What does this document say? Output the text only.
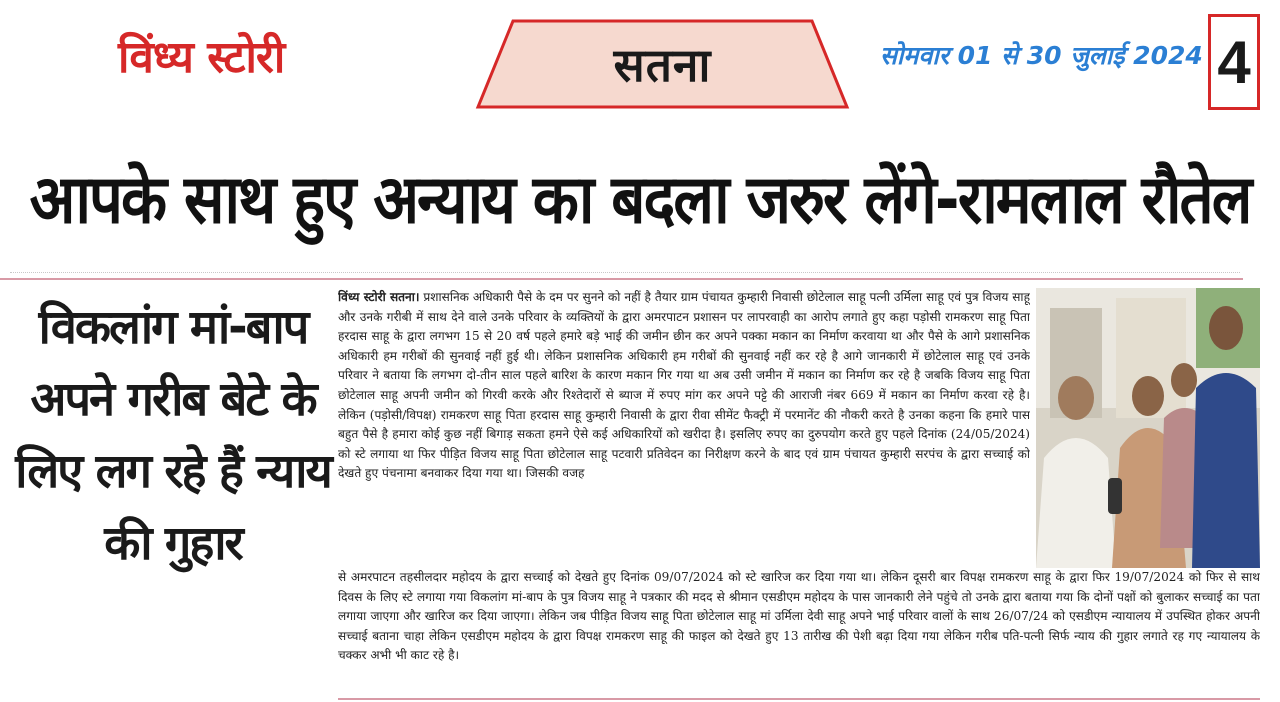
विंध्य स्टोरी	सतना	सोमवार 01 से 30 जुलाई 2024 4
आपके साथ हुए अन्याय का बदला जरुर लेंगे-रामलाल रौतेल
विकलांग मां-बाप अपने गरीब बेटे के लिए लग रहे हैं न्याय की गुहार
विंध्य स्टोरी सतना। प्रशासनिक अधिकारी पैसे के दम पर सुनने को नहीं है तैयार ग्राम पंचायत कुम्हारी निवासी छोटेलाल साहू पत्नी उर्मिला साहू एवं पुत्र विजय साहू और उनके गरीबी में साथ देने वाले उनके परिवार के व्यक्तियों के द्वारा अमरपाटन प्रशासन पर लापरवाही का आरोप लगाते हुए कहा पड़ोसी रामकरण साहू पिता हरदास साहू के द्वारा लगभग 15 से 20 वर्ष पहले हमारे बड़े भाई की जमीन छीन कर अपने पक्का मकान का निर्माण करवाया था और पैसे के आगे प्रशासनिक अधिकारी हम गरीबों की सुनवाई नहीं हुई थी। लेकिन प्रशासनिक अधिकारी हम गरीबों की सुनवाई नहीं कर रहे है आगे जानकारी में छोटेलाल साहू एवं उनके परिवार ने बताया कि लगभग दो-तीन साल पहले बारिश के कारण मकान गिर गया था अब उसी जमीन में मकान का निर्माण कर रहे है जबकि विजय साहू पिता छोटेलाल साहू अपनी जमीन को गिरवी करके और रिश्तेदारों से ब्याज में रुपए मांग कर अपने पट्टे की आराजी नंबर 669 में मकान का निर्माण करवा रहे है। लेकिन (पड़ोसी/विपक्ष) रामकरण साहू पिता हरदास साहू कुम्हारी निवासी के द्वारा रीवा सीमेंट फैक्ट्री में परमानेंट की नौकरी करते है उनका कहना कि हमारे पास बहुत पैसे है हमारा कोई कुछ नहीं बिगाड़ सकता हमने ऐसे कई अधिकारियों को खरीदा है। इसलिए रुपए का दुरुपयोग करते हुए पहले दिनांक (24/05/2024) को स्टे लगाया था फिर पीड़ित विजय साहू पिता छोटेलाल साहू पटवारी प्रतिवेदन का निरीक्षण करने के बाद एवं ग्राम पंचायत कुम्हारी सरपंच के द्वारा सच्चाई को देखते हुए पंचनामा बनवाकर दिया गया था। जिसकी वजह
से अमरपाटन तहसीलदार महोदय के द्वारा सच्चाई को देखते हुए दिनांक 09/07/2024 को स्टे खारिज कर दिया गया था। लेकिन दूसरी बार विपक्ष रामकरण साहू के द्वारा फिर 19/07/2024 को फिर से साथ दिवस के लिए स्टे लगाया गया विकलांग मां-बाप के पुत्र विजय साहू ने पत्रकार की मदद से श्रीमान एसडीएम महोदय के पास जानकारी लेने पहुंचे तो उनके द्वारा बताया गया कि दोनों पक्षों को बुलाकर सच्चाई का पता लगाया जाएगा और खारिज कर दिया जाएगा। लेकिन जब पीड़ित विजय साहू पिता छोटेलाल साहू मां उर्मिला देवी साहू अपने भाई परिवार वालों के साथ 26/07/24 को एसडीएम न्यायालय में उपस्थित होकर अपनी सच्चाई बताना चाहा लेकिन एसडीएम महोदय के द्वारा विपक्ष रामकरण साहू की फाइल को देखते हुए 13 तारीख की पेशी बढ़ा दिया गया लेकिन गरीब पति-पत्नी सिर्फ न्याय की गुहार लगाते रह गए न्यायालय के चक्कर अभी भी काट रहे है।
